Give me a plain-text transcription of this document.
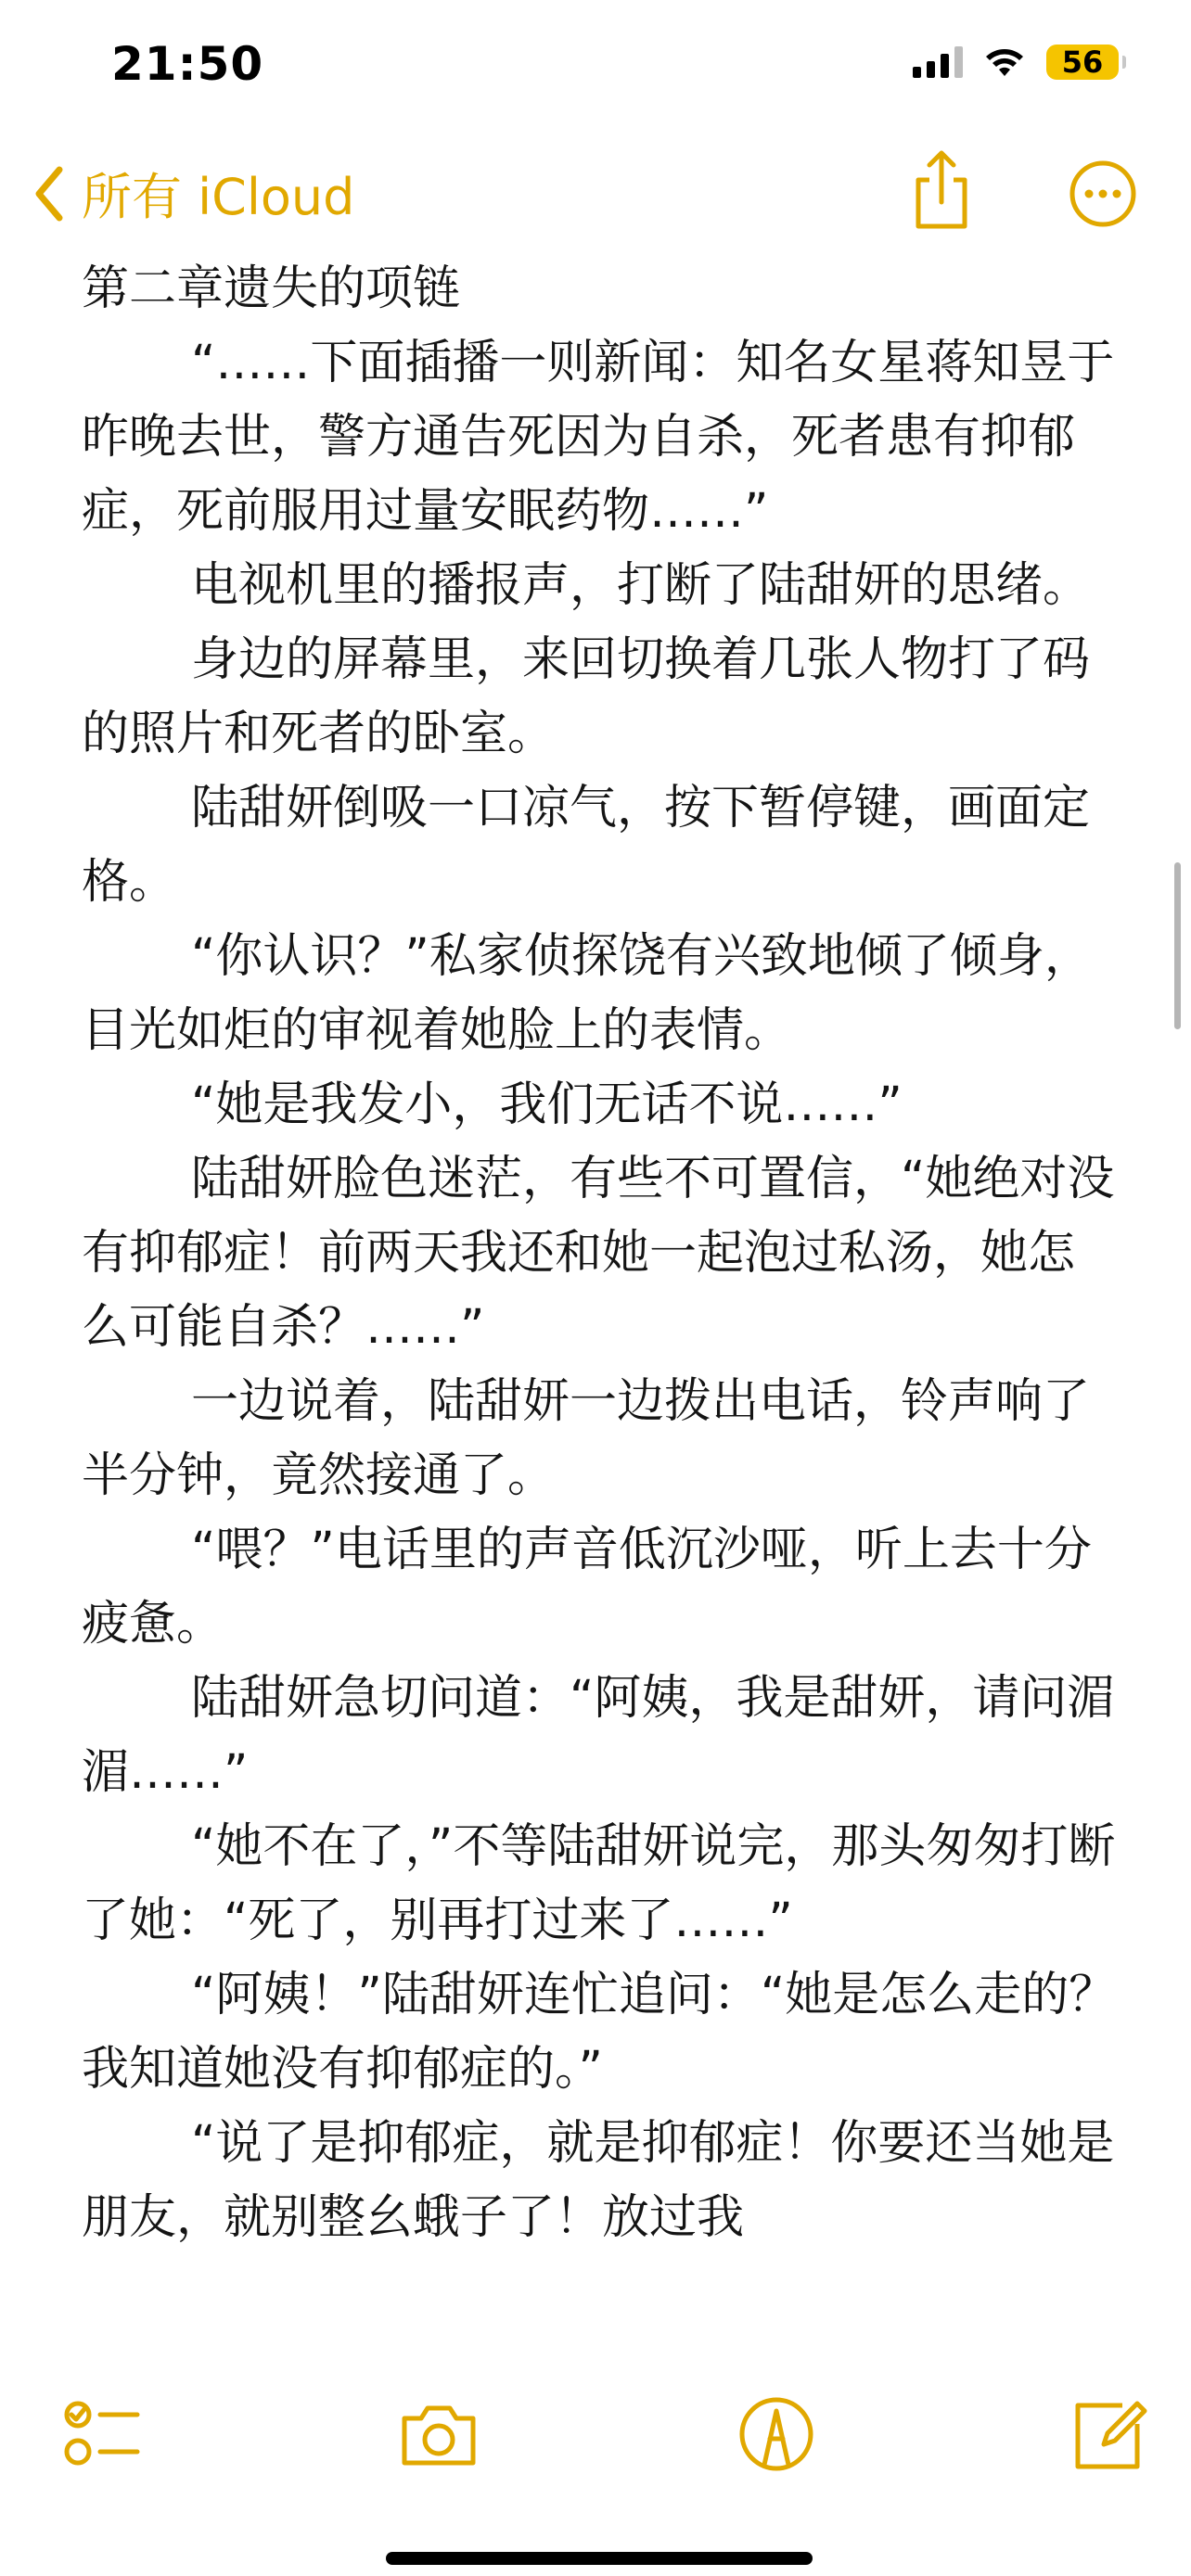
21:50	56
所有 iCloud

第二章遗失的项链

“……下面插播一则新闻：知名女星蒋知昱于昨晚去世，警方通告死因为自杀，死者患有抑郁症，死前服用过量安眠药物……”

电视机里的播报声，打断了陆甜妍的思绪。

身边的屏幕里，来回切换着几张人物打了码的照片和死者的卧室。

陆甜妍倒吸一口凉气，按下暂停键，画面定格。

“你认识？”私家侦探饶有兴致地倾了倾身，目光如炬的审视着她脸上的表情。

“她是我发小，我们无话不说……”

陆甜妍脸色迷茫，有些不可置信，“她绝对没有抑郁症！前两天我还和她一起泡过私汤，她怎么可能自杀？……”

一边说着，陆甜妍一边拨出电话，铃声响了半分钟，竟然接通了。

“喂？”电话里的声音低沉沙哑，听上去十分疲惫。

陆甜妍急切问道：“阿姨，我是甜妍，请问湄湄……”

“她不在了，”不等陆甜妍说完，那头匆匆打断了她：“死了，别再打过来了……”

“阿姨！”陆甜妍连忙追问：“她是怎么走的？我知道她没有抑郁症的。”

“说了是抑郁症，就是抑郁症！你要还当她是朋友，就别整幺蛾子了！放过我
